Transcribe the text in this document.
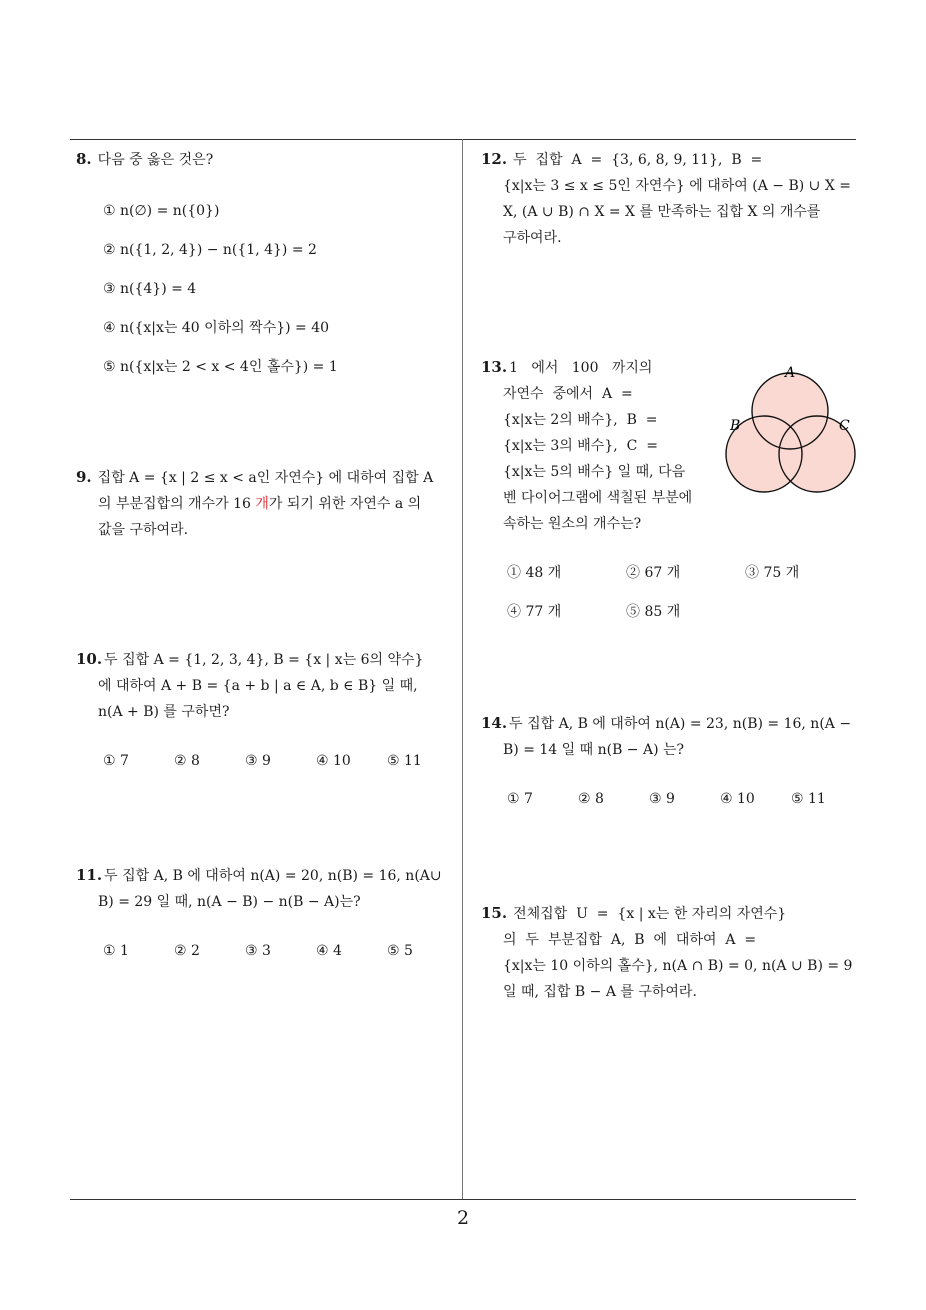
8. 다음 중 옳은 것은?
① n(∅) = n({0})
② n({1, 2, 4}) − n({1, 4}) = 2
③ n({4}) = 4
④ n({x|x는 40 이하의 짝수}) = 40
⑤ n({x|x는 2 < x < 4인 홀수}) = 1
9. 집합 A = {x | 2 ≤ x < a인 자연수} 에 대하여 집합 A
의 부분집합의 개수가 16 개가 되기 위한 자연수 a 의
값을 구하여라.
10. 두 집합 A = {1, 2, 3, 4}, B = {x | x는 6의 약수}
에 대하여 A + B = {a + b | a ∈ A, b ∈ B} 일 때,
n(A + B) 를 구하면?
① 7	② 8	③ 9	④ 10	⑤ 11
11. 두 집합 A, B 에 대하여 n(A) = 20, n(B) = 16, n(A∪
B) = 29 일 때, n(A − B) − n(B − A)는?
① 1	② 2	③ 3	④ 4	⑤ 5
12. 두  집합  A  =  {3, 6, 8, 9, 11},  B  =
{x|x는 3 ≤ x ≤ 5인 자연수} 에 대하여 (A − B) ∪ X =
X, (A ∪ B) ∩ X = X 를 만족하는 집합 X 의 개수를
구하여라.
13. 1   에서   100   까지의
자연수  중에서  A  =
{x|x는 2의 배수},  B  =
{x|x는 3의 배수},  C  =
{x|x는 5의 배수} 일 때, 다음
벤 다이어그램에 색칠된 부분에
속하는 원소의 개수는?
A
B	C
① 48 개	② 67 개	③ 75 개
④ 77 개	⑤ 85 개
14. 두 집합 A, B 에 대하여 n(A) = 23, n(B) = 16, n(A −
B) = 14 일 때 n(B − A) 는?
① 7	② 8	③ 9	④ 10	⑤ 11
15. 전체집합  U  =  {x | x는 한 자리의 자연수}
의  두  부분집합  A,  B  에  대하여  A  =
{x|x는 10 이하의 홀수}, n(A ∩ B) = 0, n(A ∪ B) = 9
일 때, 집합 B − A 를 구하여라.
2
